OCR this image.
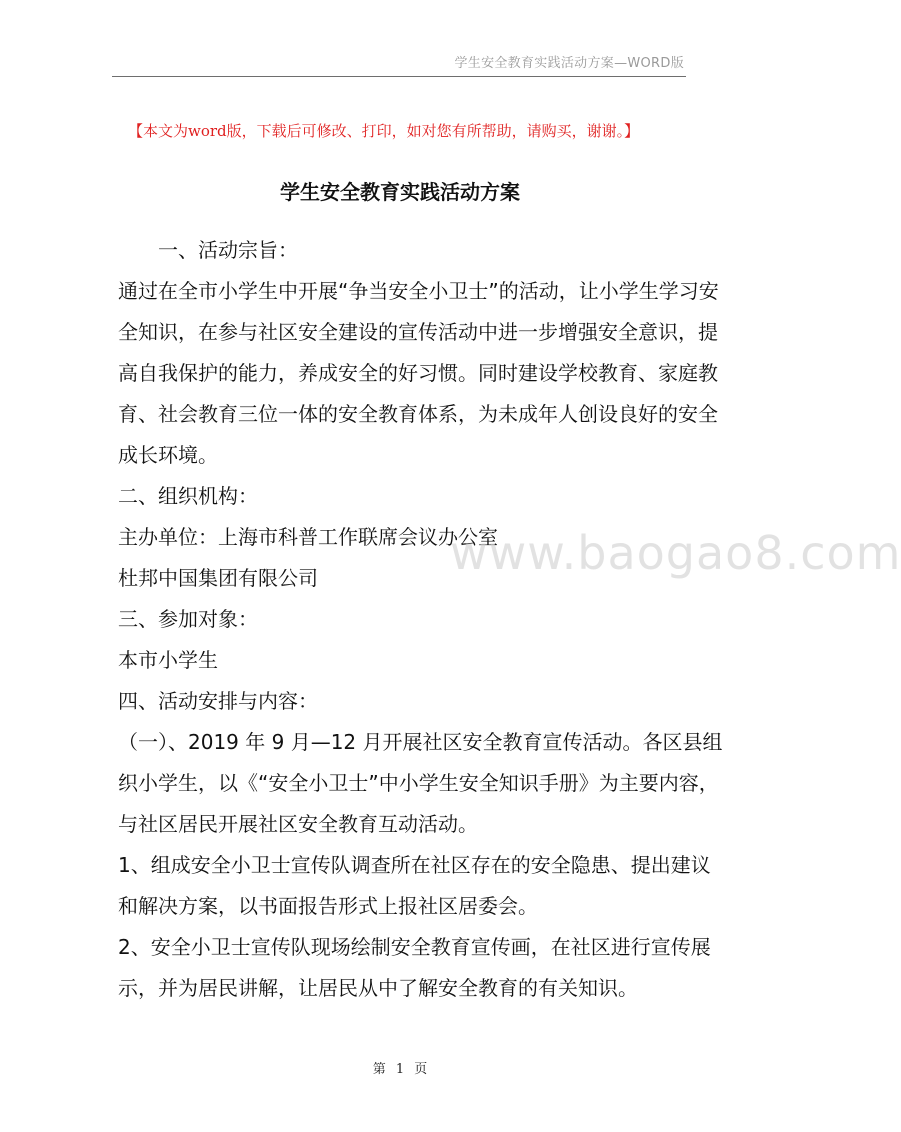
学生安全教育实践活动方案—WORD版
【本文为word版，下载后可修改、打印，如对您有所帮助，请购买，谢谢。】
学生安全教育实践活动方案

一、活动宗旨：

通过在全市小学生中开展“争当安全小卫士”的活动，让小学生学习安

全知识，在参与社区安全建设的宣传活动中进一步增强安全意识，提

高自我保护的能力，养成安全的好习惯。同时建设学校教育、家庭教

育、社会教育三位一体的安全教育体系，为未成年人创设良好的安全

成长环境。

二、组织机构：

主办单位：上海市科普工作联席会议办公室

杜邦中国集团有限公司

三、参加对象：

本市小学生

四、活动安排与内容：

（一）、2019 年 9 月—12 月开展社区安全教育宣传活动。各区县组

织小学生，以《“安全小卫士”中小学生安全知识手册》为主要内容，

与社区居民开展社区安全教育互动活动。

1、组成安全小卫士宣传队调查所在社区存在的安全隐患、提出建议

和解决方案，以书面报告形式上报社区居委会。

2、安全小卫士宣传队现场绘制安全教育宣传画，在社区进行宣传展

示，并为居民讲解，让居民从中了解安全教育的有关知识。

www.baogao8.com
第 1 页
